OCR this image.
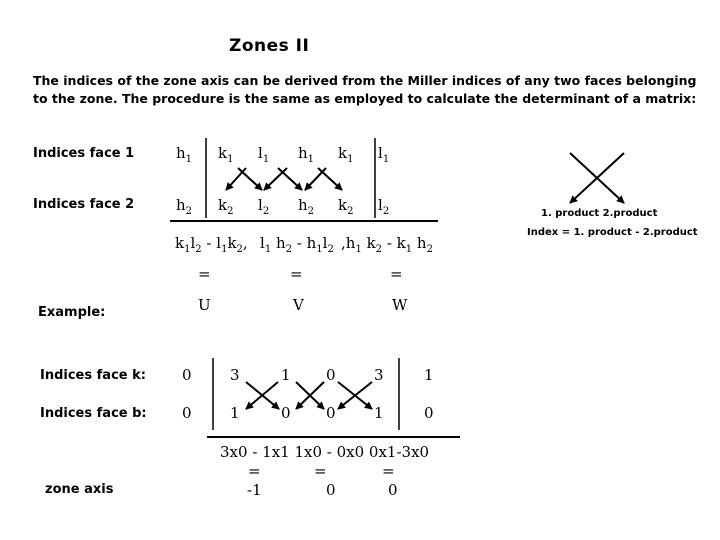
Zones II
The indices of the zone axis can be derived from the Miller indices of any two faces belonging
to the zone. The procedure is the same as employed to calculate the determinant of a matrix:
Indices face 1
Indices face 2
$h_1$ $k_1$ $l_1$ $h_1$ $k_1$ $l_1$
$h_2$ $k_2$ $l_2$ $h_2$ $k_2$ $l_2$
$k_1l_2 - l_1k_2$, $l_1$ $h_2 - h_1l_2$ $,h_1$ $k_2 - k_1$ $h_2$
=	=	=
U	V	W
1. product 2.product
Index = 1. product - 2.product
Example:
Indices face k:
Indices face b:
0	3	1 0	3	1
0	1	0 0	1	0
3x0 - 1x1 1x0 - 0x0 0x1-3x0
=	=	=
-1	0	0
zone axis
